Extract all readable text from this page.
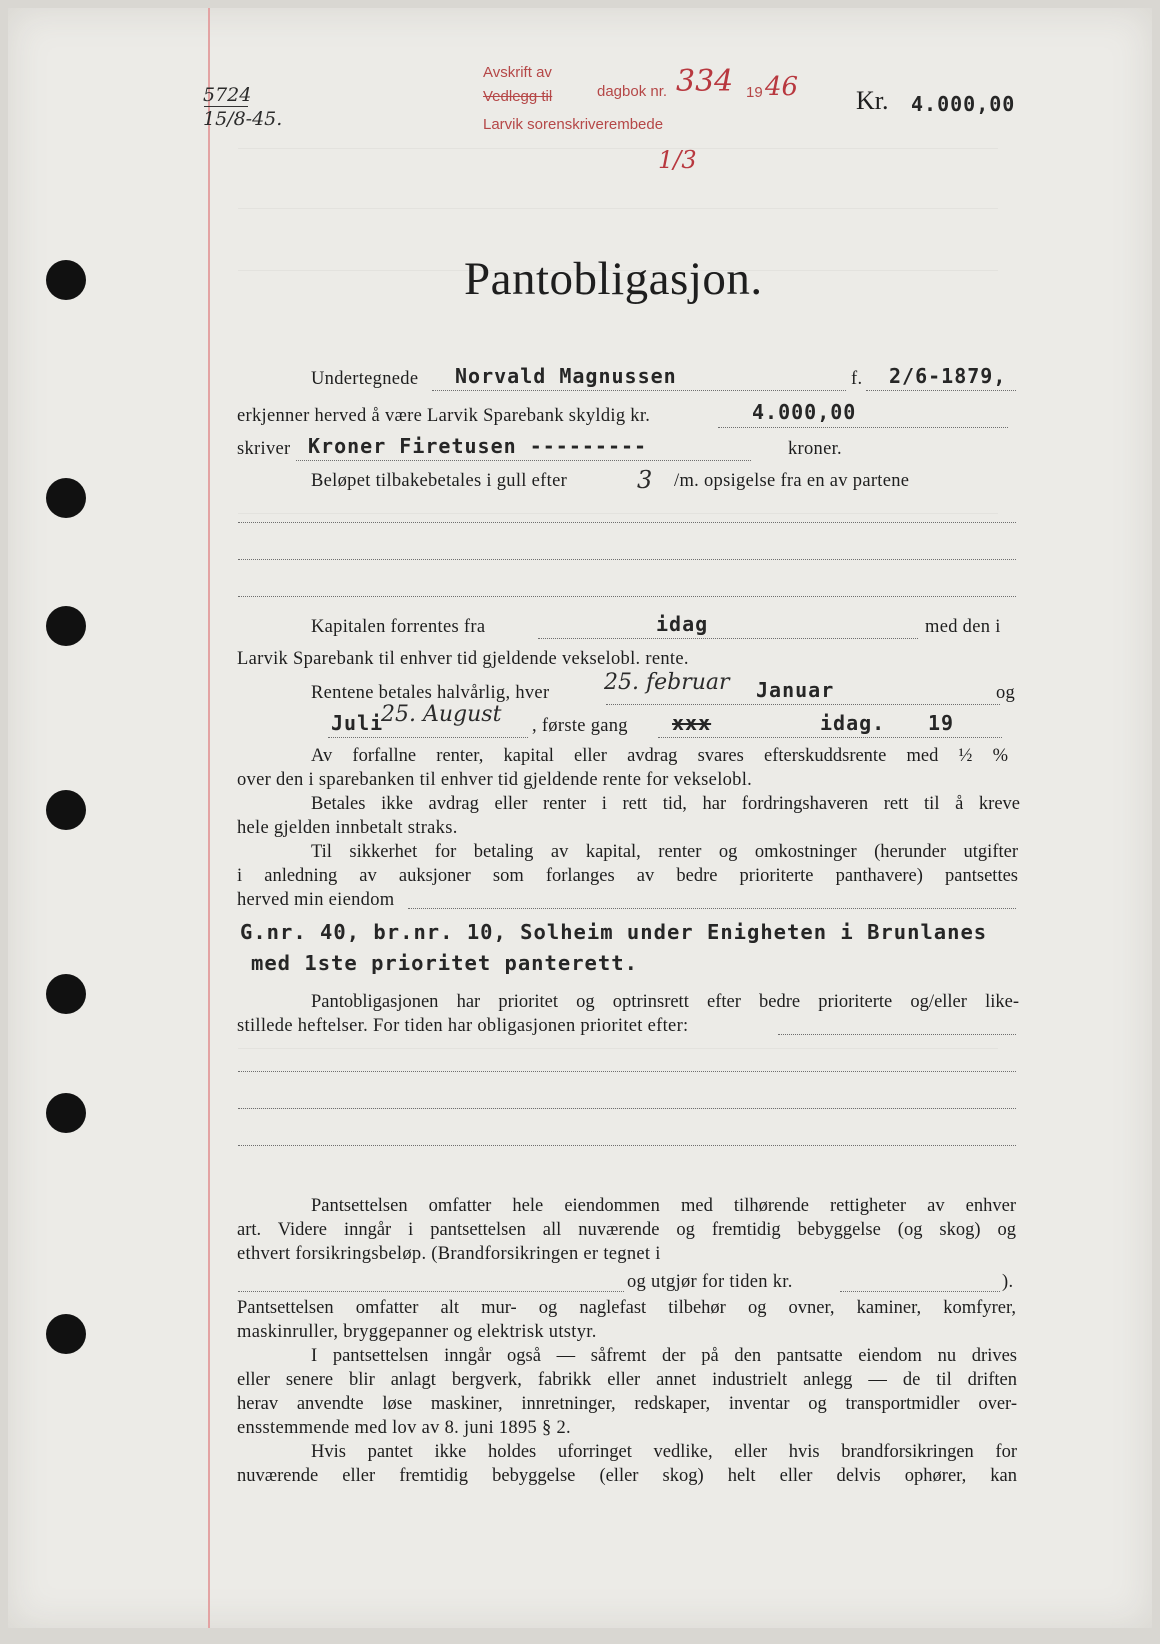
5724
15/8-45.
Avskrift av
dagbok nr.
Vedlegg til
Larvik sorenskriverembede
334 19 46
1/3
Kr. 4.000,00
Pantobligasjon.
Undertegnede Norvald Magnussen	f. 2/6-1879,
erkjenner herved å være Larvik Sparebank skyldig kr.	4.000,00
skriver Kroner Firetusen ---------	kroner.
Beløpet tilbakebetales i gull efter	3 /m. opsigelse fra en av partene
Kapitalen forrentes fra	idag	med den i
Larvik Sparebank til enhver tid gjeldende vekselobl. rente.
Rentene betales halvårlig, hver 25. februar Januar	og
Juli
25. August , første gang xxx	idag. 19
Av forfallne renter, kapital eller avdrag svares efterskuddsrente med ½ %
over den i sparebanken til enhver tid gjeldende rente for vekselobl.
Betales ikke avdrag eller renter i rett tid, har fordringshaveren rett til å kreve
hele gjelden innbetalt straks.
Til sikkerhet for betaling av kapital, renter og omkostninger (herunder utgifter
i anledning av auksjoner som forlanges av bedre prioriterte panthavere) pantsettes
herved min eiendom
G.nr. 40, br.nr. 10, Solheim under Enigheten i Brunlanes
med 1ste prioritet panterett.
Pantobligasjonen har prioritet og optrinsrett efter bedre prioriterte og/eller like-
stillede heftelser. For tiden har obligasjonen prioritet efter:
Pantsettelsen omfatter hele eiendommen med tilhørende rettigheter av enhver
art. Videre inngår i pantsettelsen all nuværende og fremtidig bebyggelse (og skog) og
ethvert forsikringsbeløp. (Brandforsikringen er tegnet i
og utgjør for tiden kr.	).
Pantsettelsen omfatter alt mur- og naglefast tilbehør og ovner, kaminer, komfyrer,
maskinruller, bryggepanner og elektrisk utstyr.
I pantsettelsen inngår også — såfremt der på den pantsatte eiendom nu drives
eller senere blir anlagt bergverk, fabrikk eller annet industrielt anlegg — de til driften
herav anvendte løse maskiner, innretninger, redskaper, inventar og transportmidler over-
ensstemmende med lov av 8. juni 1895 § 2.
Hvis pantet ikke holdes uforringet vedlike, eller hvis brandforsikringen for
nuværende eller fremtidig bebyggelse (eller skog) helt eller delvis ophører, kan
